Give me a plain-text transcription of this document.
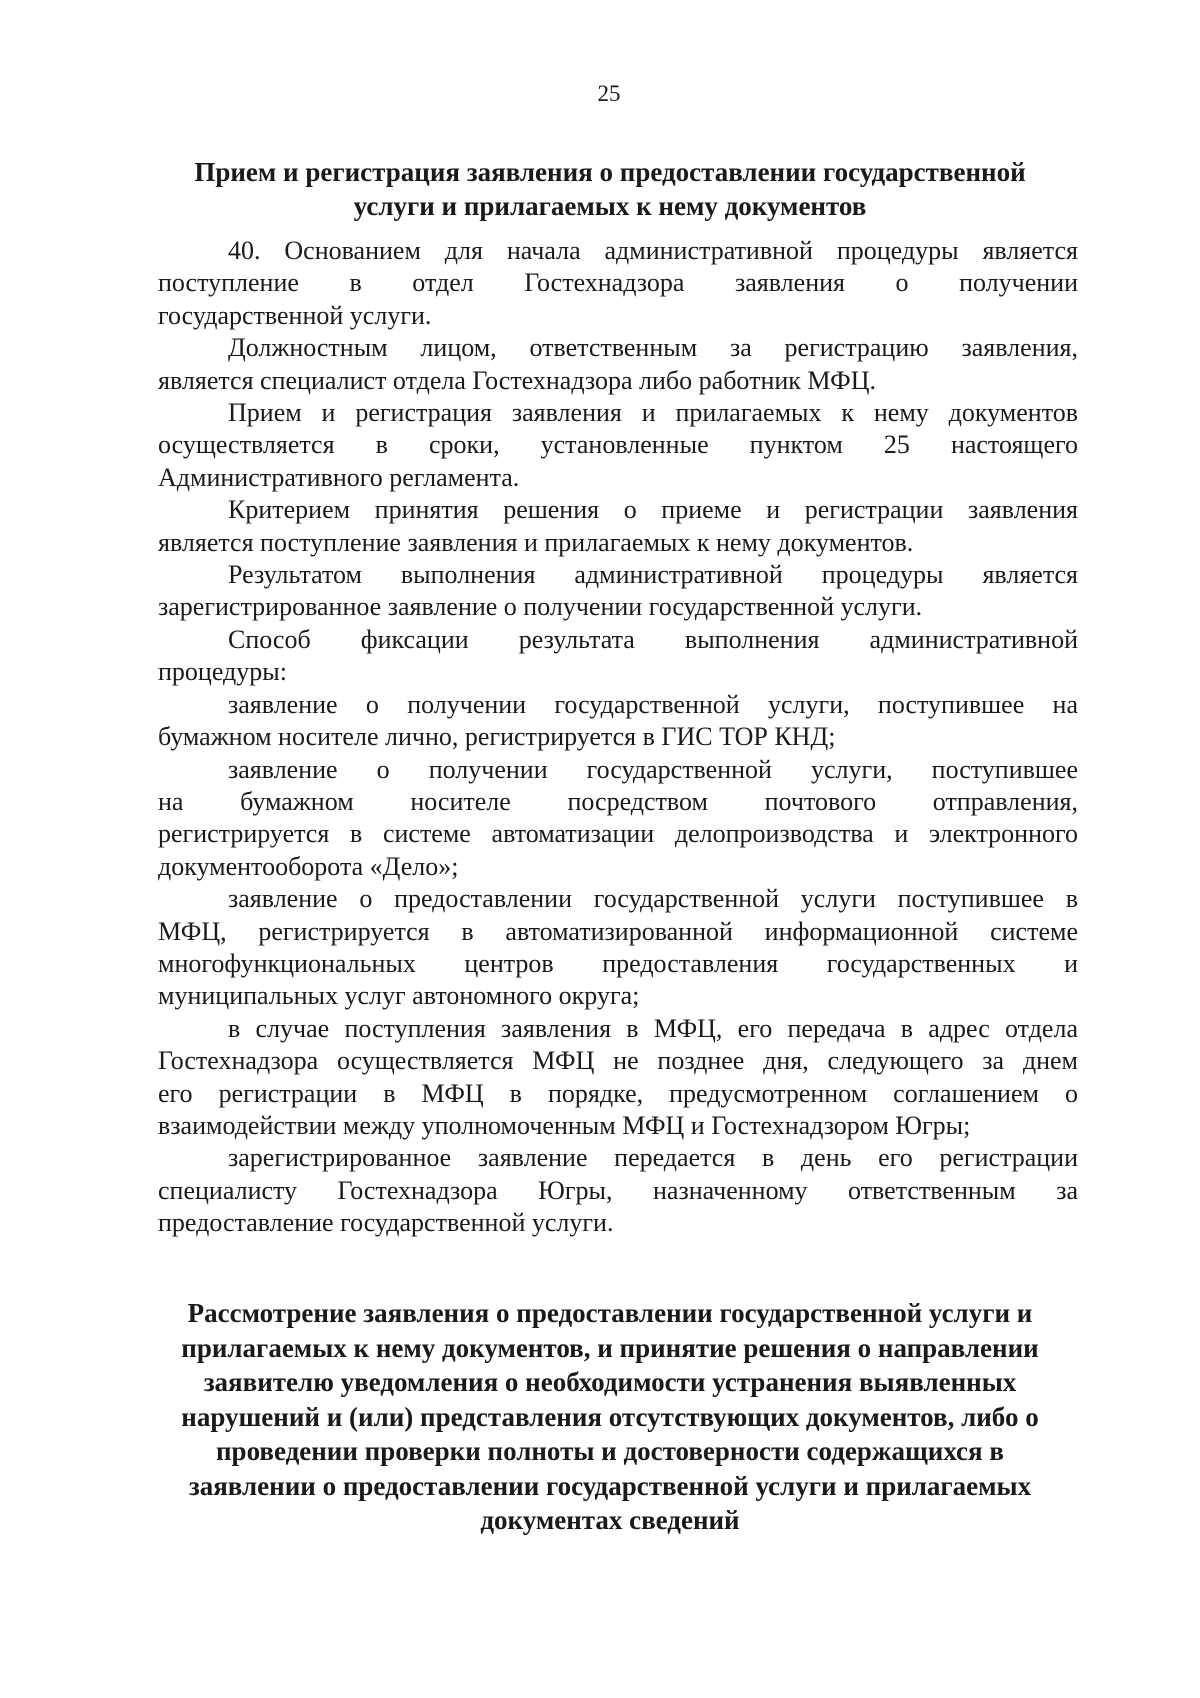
25
Прием и регистрация заявления о предоставлении государственной
услуги и прилагаемых к нему документов
40. Основанием для начала административной процедуры является
поступление в отдел Гостехнадзора заявления о получении
государственной услуги.
Должностным лицом, ответственным за регистрацию заявления,
является специалист отдела Гостехнадзора либо работник МФЦ.
Прием и регистрация заявления и прилагаемых к нему документов
осуществляется в сроки, установленные пунктом 25 настоящего
Административного регламента.
Критерием принятия решения о приеме и регистрации заявления
является поступление заявления и прилагаемых к нему документов.
Результатом выполнения административной процедуры является
зарегистрированное заявление о получении государственной услуги.
Способ фиксации результата выполнения административной
процедуры:
заявление о получении государственной услуги, поступившее на
бумажном носителе лично, регистрируется в ГИС ТОР КНД;
заявление о получении государственной услуги, поступившее
на бумажном носителе посредством почтового отправления,
регистрируется в системе автоматизации делопроизводства и электронного
документооборота «Дело»;
заявление о предоставлении государственной услуги поступившее в
МФЦ, регистрируется в автоматизированной информационной системе
многофункциональных центров предоставления государственных и
муниципальных услуг автономного округа;
в случае поступления заявления в МФЦ, его передача в адрес отдела
Гостехнадзора осуществляется МФЦ не позднее дня, следующего за днем
его регистрации в МФЦ в порядке, предусмотренном соглашением о
взаимодействии между уполномоченным МФЦ и Гостехнадзором Югры;
зарегистрированное заявление передается в день его регистрации
специалисту Гостехнадзора Югры, назначенному ответственным за
предоставление государственной услуги.
Рассмотрение заявления о предоставлении государственной услуги и
прилагаемых к нему документов, и принятие решения о направлении
заявителю уведомления о необходимости устранения выявленных
нарушений и (или) представления отсутствующих документов, либо о
проведении проверки полноты и достоверности содержащихся в
заявлении о предоставлении государственной услуги и прилагаемых
документах сведений
